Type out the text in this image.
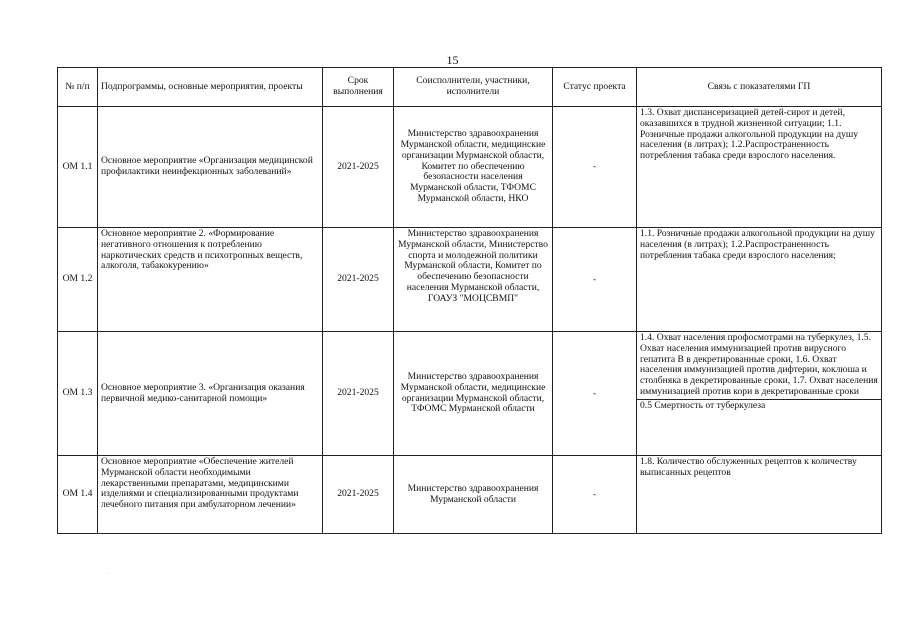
15
№ п/п	Подпрограммы, основные мероприятия, проекты	Срок выполнения	Соисполнители, участники, исполнители	Статус проекта	Связь с показателями ГП
ОМ 1.1	Основное мероприятие «Организация медицинской профилактики неинфекционных заболеваний»	2021-2025	Министерство здравоохранения Мурманской области, медицинские организации Мурманской области, Комитет по обеспечению безопасности населения Мурманской области, ТФОМС Мурманской области, НКО	-	1.3. Охват диспансеризацией детей-сирот и детей, оказавшихся в трудной жизненной ситуации; 1.1. Розничные продажи алкогольной продукции на душу населения (в литрах); 1.2.Распространенность потребления табака среди взрослого населения.
ОМ 1.2	Основное мероприятие 2. «Формирование негативного отношения к потреблению наркотических средств и психотропных веществ, алкоголя, табакокурению»	2021-2025	Министерство здравоохранения Мурманской области, Министерство спорта и молодежной политики Мурманской области, Комитет по обеспечению безопасности населения Мурманской области, ГОАУЗ "МОЦСВМП"	-	1.1. Розничные продажи алкогольной продукции на душу населения (в литрах); 1.2.Распространенность потребления табака среди взрослого населения;
ОМ 1.3	Основное мероприятие 3. «Организация оказания первичной медико-санитарной помощи»	2021-2025	Министерство здравоохранения Мурманской области, медицинские организации Мурманской области, ТФОМС Мурманской области	-	1.4. Охват населения профосмотрами на туберкулез, 1.5. Охват населения иммунизацией против вирусного гепатита В в декретированные сроки, 1.6. Охват населения иммунизацией против дифтерии, коклюша и столбняка в декретированные сроки, 1.7. Охват населения иммунизацией против кори в декретированные сроки
0.5 Смертность от туберкулеза

ОМ 1.4	Основное мероприятие «Обеспечение жителей Мурманской области необходимыми лекарственными препаратами, медицинскими изделиями и специализированными продуктами лечебного питания при амбулаторном лечении»	2021-2025	Министерство здравоохранения Мурманской области	-	1.8. Количество обслуженных рецептов к количеству выписанных рецептов
·
